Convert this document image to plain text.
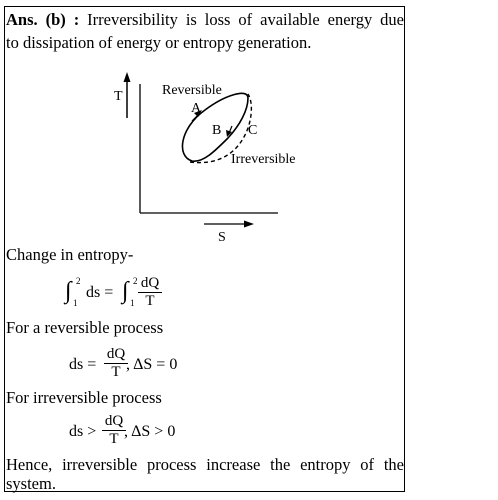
Ans. (b) : Irreversibility is loss of available energy due
to dissipation of energy or entropy generation.
T
S
Reversible
A
B C
Irreversible
Change in entropy-
∫ 2
1
ds = ∫ 2
$1 \frac{dQ}{T}$
For a reversible process
ds = $\frac{dQ}{T}$
, ΔS = 0
For irreversible process
ds > $\frac{dQ}{T}$
, ΔS > 0
Hence, irreversible process increase the entropy of the
system.
